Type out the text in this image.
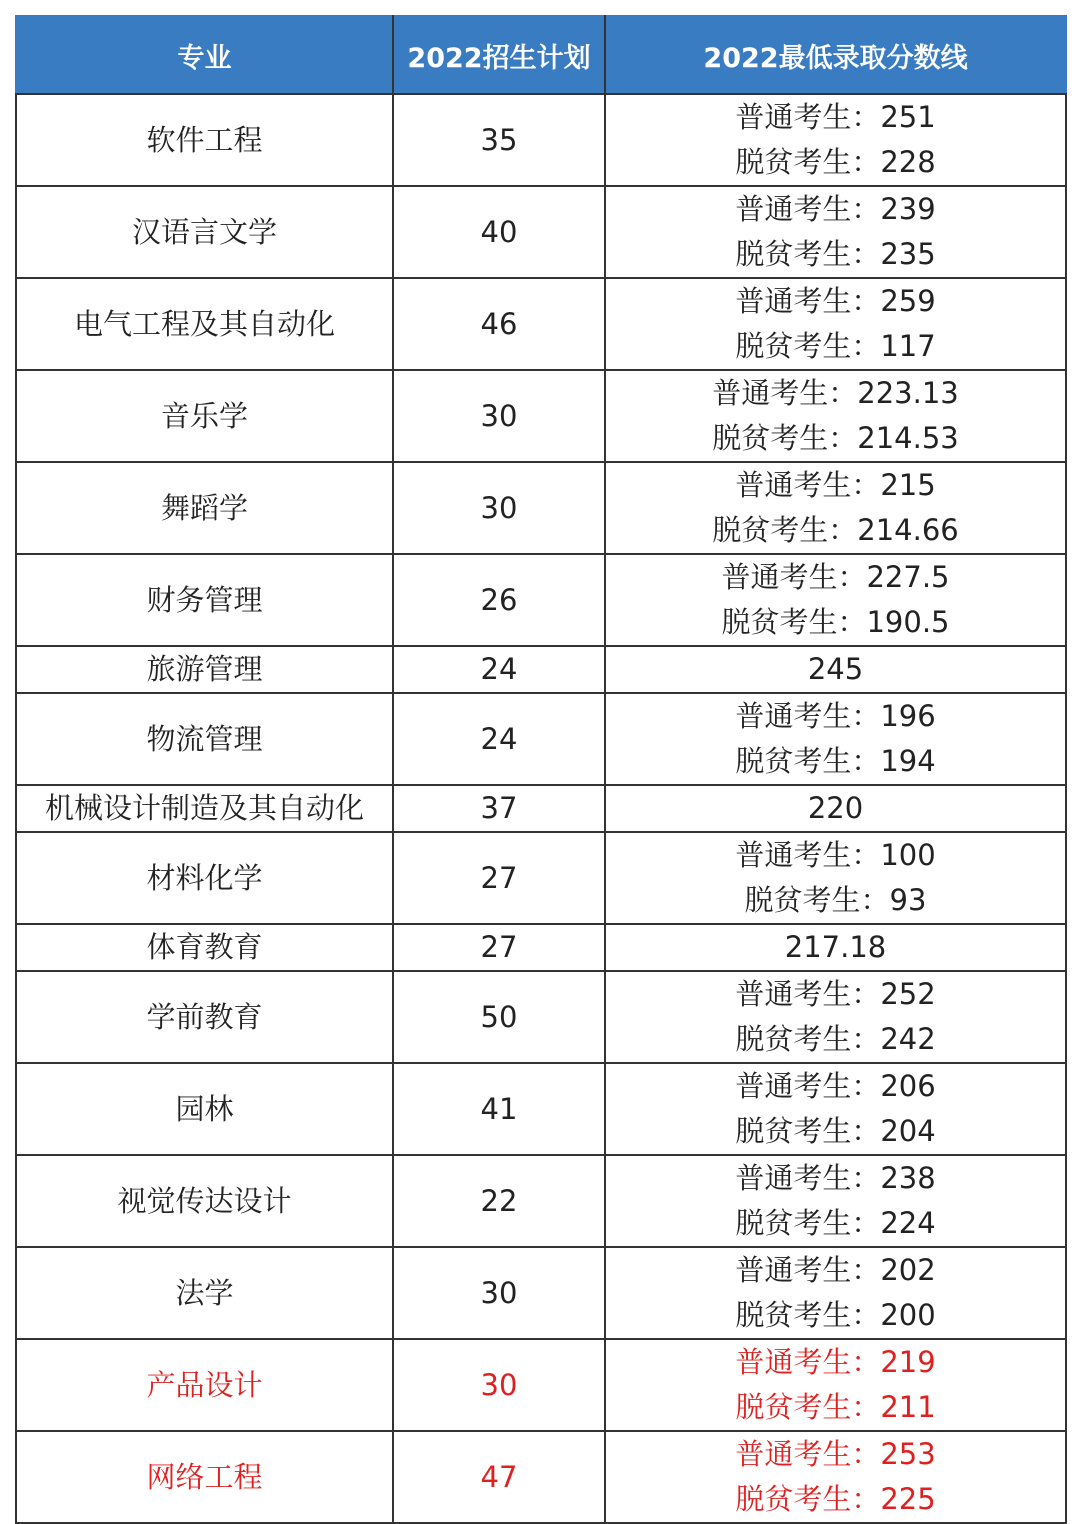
专业	2022招生计划	2022最低录取分数线
软件工程	35	普通考生：251
脱贫考生：228

汉语言文学	40	普通考生：239
脱贫考生：235

电气工程及其自动化	46	普通考生：259
脱贫考生：117

音乐学	30	普通考生：223.13
脱贫考生：214.53

舞蹈学	30	普通考生：215
脱贫考生：214.66

财务管理	26	普通考生：227.5
脱贫考生：190.5

旅游管理	24	245

物流管理	24	普通考生：196
脱贫考生：194

机械设计制造及其自动化	37	220

材料化学	27	普通考生：100
脱贫考生：93

体育教育	27	217.18

学前教育	50	普通考生：252
脱贫考生：242

园林	41	普通考生：206
脱贫考生：204

视觉传达设计	22	普通考生：238
脱贫考生：224

法学	30	普通考生：202
脱贫考生：200

产品设计	30	普通考生：219
脱贫考生：211

网络工程	47	普通考生：253
脱贫考生：225
